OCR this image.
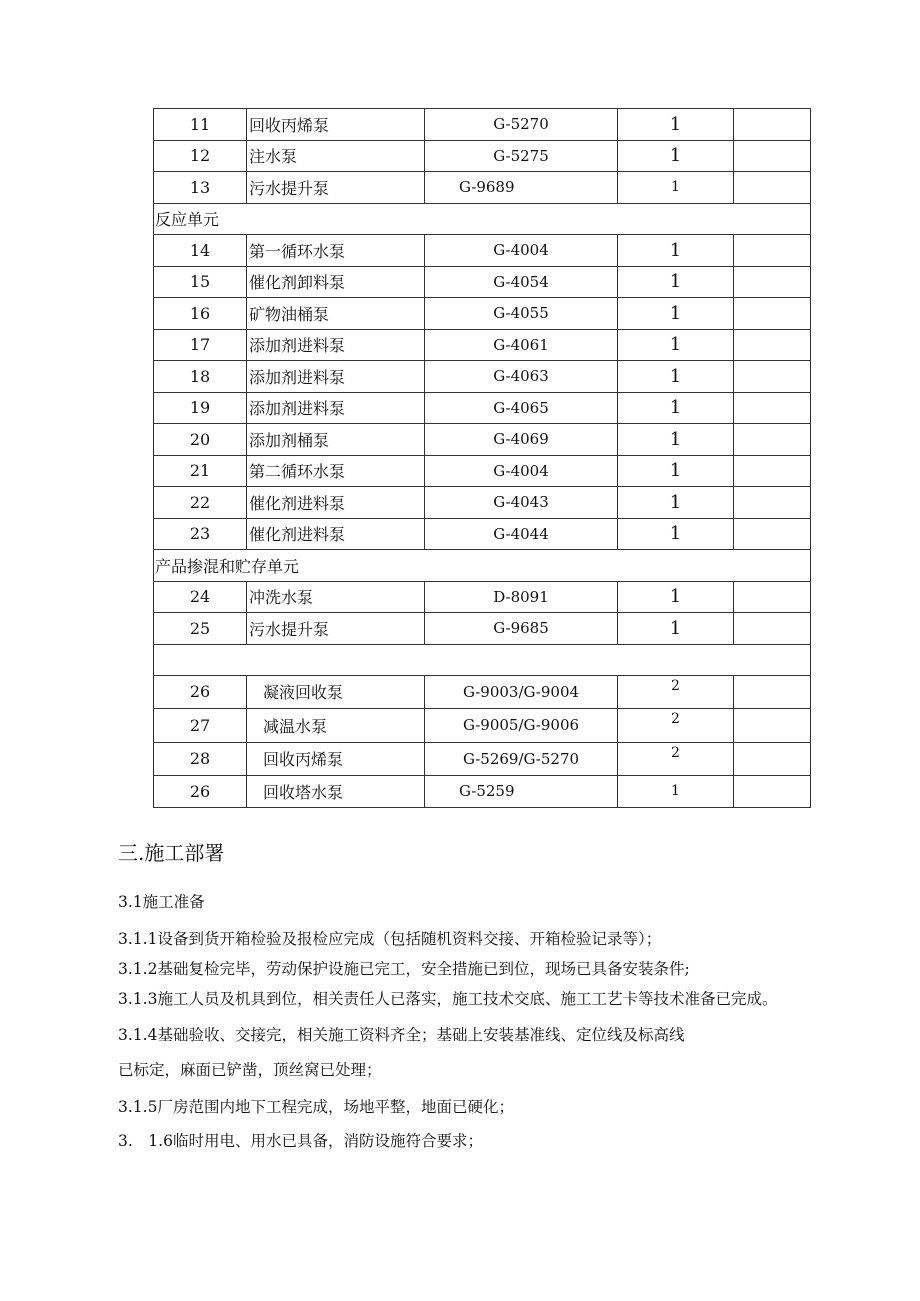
11	回收丙烯泵	G-5270	1	
12	注水泵	G-5275	1	
13	污水提升泵	G-9689	1	
反应单元				
14	第一循环水泵	G-4004	1	
15	催化剂卸料泵	G-4054	1	
16	矿物油桶泵	G-4055	1	
17	添加剂进料泵	G-4061	1	
18	添加剂进料泵	G-4063	1	
19	添加剂进料泵	G-4065	1	
20	添加剂桶泵	G-4069	1	
21	第二循环水泵	G-4004	1	
22	催化剂进料泵	G-4043	1	
23	催化剂进料泵	G-4044	1	
产品掺混和贮存单元				
24	冲洗水泵	D-8091	1	
25	污水提升泵	G-9685	1	

26	凝液回收泵	G-9003/G-9004	2	
27	减温水泵	G-9005/G-9006	2	
28	回收丙烯泵	G-5269/G-5270	2	
26	回收塔水泵	G-5259	1	
三.施工部署
3.1施工准备
3.1.1设备到货开箱检验及报检应完成（包括随机资料交接、开箱检验记录等）；
3.1.2基础复检完毕，劳动保护设施已完工，安全措施已到位，现场已具备安装条件;
3.1.3施工人员及机具到位，相关责任人已落实，施工技术交底、施工工艺卡等技术准备已完成。
3.1.4基础验收、交接完，相关施工资料齐全；基础上安装基准线、定位线及标高线
已标定，麻面已铲凿，顶丝窝已处理；
3.1.5厂房范围内地下工程完成，场地平整，地面已硬化；
3.　1.6临时用电、用水已具备，消防设施符合要求；
